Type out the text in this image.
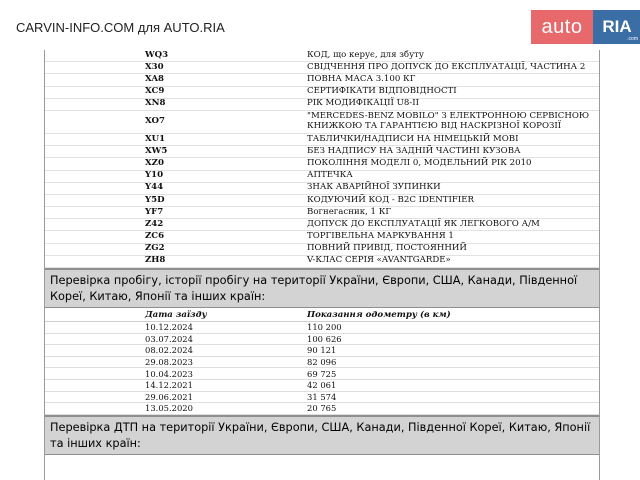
CARVIN-INFO.COM для AUTO.RIA	auto	RIA
.com
WQ3	КОД, що керує, для збуту
X30	СВІДЧЕННЯ ПРО ДОПУСК ДО ЕКСПЛУАТАЦІЇ, ЧАСТИНА 2
XA8	ПОВНА МАСА 3.100 КГ
XC9	СЕРТИФІКАТИ ВІДПОВІДНОСТІ
XN8	РІК МОДИФІКАЦІЇ U8-II
XO7	"MERCEDES-BENZ MOBILO" З ЕЛЕКТРОННОЮ СЕРВІСНОЮ КНИЖКОЮ ТА ГАРАНТІЄЮ ВІД НАСКРІЗНОЇ КОРОЗІЇ
XU1	ТАБЛИЧКИ/НАДПИСИ НА НІМЕЦЬКІЙ МОВІ
XW5	БЕЗ НАДПИСУ НА ЗАДНІЙ ЧАСТИНІ КУЗОВА
XZ0	ПОКОЛІННЯ МОДЕЛІ 0, МОДЕЛЬНИЙ РІК 2010
Y10	АПТЕЧКА
Y44	ЗНАК АВАРІЙНОЇ ЗУПИНКИ
Y5D	КОДУЮЧИЙ КОД - B2C IDENTIFIER
YF7	Вогнегасник, 1 КГ
Z42	ДОПУСК ДО ЕКСПЛУАТАЦІЇ ЯК ЛЕГКОВОГО А/М
ZC6	ТОРГІВЕЛЬНА МАРКУВАННЯ 1
ZG2	ПОВНИЙ ПРИВІД, ПОСТОЯННИЙ
ZH8	V-КЛАС СЕРІЯ «AVANTGARDE»
Перевірка пробігу, історії пробігу на території України, Європи, США, Канади, Південної Кореї, Китаю, Японії та інших країн:
Дата заїзду	Показання одометру (в км)
10.12.2024	110 200
03.07.2024	100 626
08.02.2024	90 121
29.08.2023	82 096
10.04.2023	69 725
14.12.2021	42 061
29.06.2021	31 574
13.05.2020	20 765
Перевірка ДТП на території України, Європи, США, Канади, Південної Кореї, Китаю, Японії та інших країн:
